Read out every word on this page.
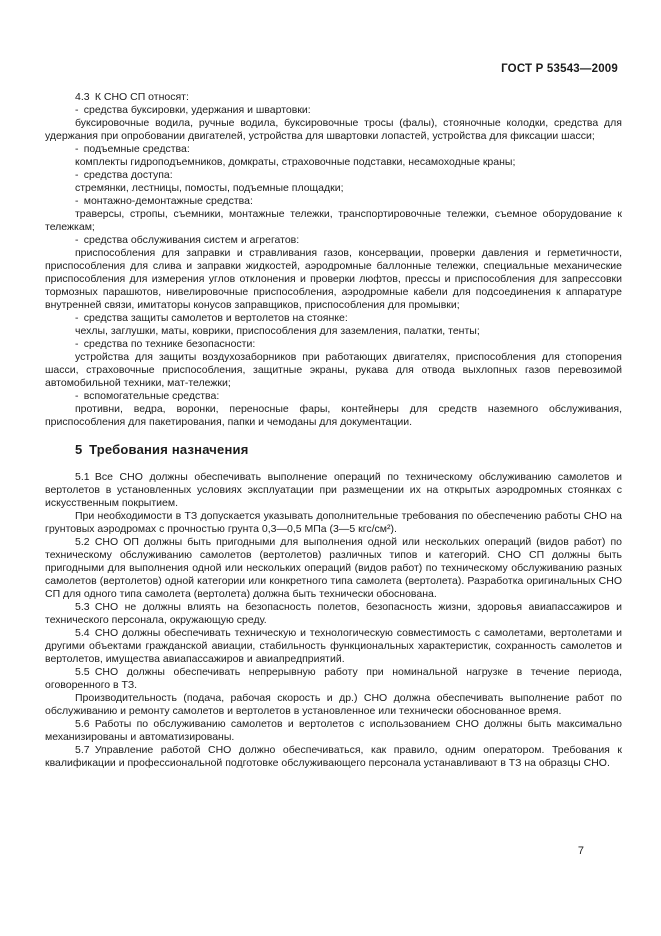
ГОСТ Р 53543—2009

4.3 К СНО СП относят:

- средства буксировки, удержания и швартовки:

буксировочные водила, ручные водила, буксировочные тросы (фалы), стояночные колодки, средства для удержания при опробовании двигателей, устройства для швартовки лопастей, устройства для фиксации шасси;

- подъемные средства:

комплекты гидроподъемников, домкраты, страховочные подставки, несамоходные краны;

- средства доступа:

стремянки, лестницы, помосты, подъемные площадки;

- монтажно-демонтажные средства:

траверсы, стропы, съемники, монтажные тележки, транспортировочные тележки, съемное оборудование к тележкам;

- средства обслуживания систем и агрегатов:

приспособления для заправки и стравливания газов, консервации, проверки давления и герметичности, приспособления для слива и заправки жидкостей, аэродромные баллонные тележки, специальные механические приспособления для измерения углов отклонения и проверки люфтов, прессы и приспособления для запрессовки тормозных парашютов, нивелировочные приспособления, аэродромные кабели для подсоединения к аппаратуре внутренней связи, имитаторы конусов заправщиков, приспособления для промывки;

- средства защиты самолетов и вертолетов на стоянке:

чехлы, заглушки, маты, коврики, приспособления для заземления, палатки, тенты;

- средства по технике безопасности:

устройства для защиты воздухозаборников при работающих двигателях, приспособления для стопорения шасси, страховочные приспособления, защитные экраны, рукава для отвода выхлопных газов перевозимой автомобильной техники, мат-тележки;

- вспомогательные средства:

противни, ведра, воронки, переносные фары, контейнеры для средств наземного обслуживания, приспособления для пакетирования, папки и чемоданы для документации.

5 Требования назначения

5.1 Все СНО должны обеспечивать выполнение операций по техническому обслуживанию самолетов и вертолетов в установленных условиях эксплуатации при размещении их на открытых аэродромных стоянках с искусственным покрытием.

При необходимости в ТЗ допускается указывать дополнительные требования по обеспечению работы СНО на грунтовых аэродромах с прочностью грунта 0,3—0,5 МПа (3—5 кгс/см²).

5.2 СНО ОП должны быть пригодными для выполнения одной или нескольких операций (видов работ) по техническому обслуживанию самолетов (вертолетов) различных типов и категорий. СНО СП должны быть пригодными для выполнения одной или нескольких операций (видов работ) по техническому обслуживанию разных самолетов (вертолетов) одной категории или конкретного типа самолета (вертолета). Разработка оригинальных СНО СП для одного типа самолета (вертолета) должна быть технически обоснована.

5.3 СНО не должны влиять на безопасность полетов, безопасность жизни, здоровья авиапассажиров и технического персонала, окружающую среду.

5.4 СНО должны обеспечивать техническую и технологическую совместимость с самолетами, вертолетами и другими объектами гражданской авиации, стабильность функциональных характеристик, сохранность самолетов и вертолетов, имущества авиапассажиров и авиапредприятий.

5.5 СНО должны обеспечивать непрерывную работу при номинальной нагрузке в течение периода, оговоренного в ТЗ.

Производительность (подача, рабочая скорость и др.) СНО должна обеспечивать выполнение работ по обслуживанию и ремонту самолетов и вертолетов в установленное или технически обоснованное время.

5.6 Работы по обслуживанию самолетов и вертолетов с использованием СНО должны быть максимально механизированы и автоматизированы.

5.7 Управление работой СНО должно обеспечиваться, как правило, одним оператором. Требования к квалификации и профессиональной подготовке обслуживающего персонала устанавливают в ТЗ на образцы СНО.

7
